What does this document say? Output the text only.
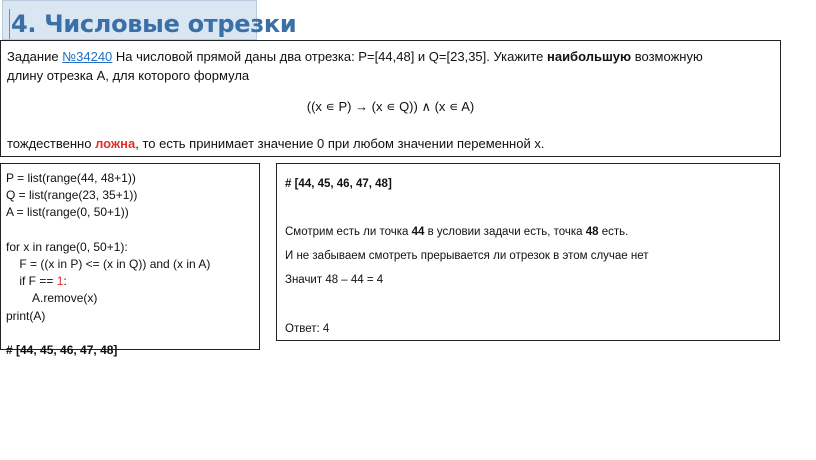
4. Числовые отрезки
Задание №34240 На числовой прямой даны два отрезка: P=[44,48] и Q=[23,35]. Укажите наибольшую возможную
длину отрезка A, для которого формула
((x ∊ P) → (x ∊ Q)) ∧ (x ∊ A)
тождественно ложна, то есть принимает значение 0 при любом значении переменной x.
P = list(range(44, 48+1))
Q = list(range(23, 35+1))
A = list(range(0, 50+1))
for x in range(0, 50+1):
F = ((x in P) <= (x in Q)) and (x in A)
if F == 1:
A.remove(x)
print(A)
# [44, 45, 46, 47, 48]
# [44, 45, 46, 47, 48]
Смотрим есть ли точка 44 в условии задачи есть, точка 48 есть.
И не забываем смотреть прерывается ли отрезок в этом случае нет
Значит 48 – 44 = 4
Ответ: 4
